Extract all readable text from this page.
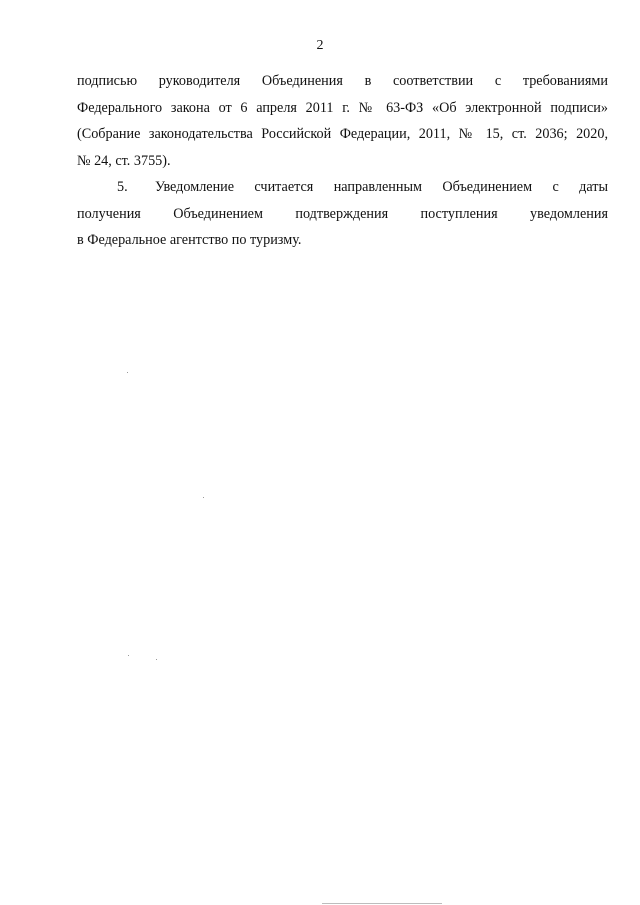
2
подписью руководителя Объединения в соответствии с требованиями
Федерального закона от 6 апреля 2011 г. № 63-ФЗ «Об электронной подписи»
(Собрание законодательства Российской Федерации, 2011, № 15, ст. 2036; 2020,
№ 24, ст. 3755).
5. Уведомление считается направленным Объединением с даты
получения Объединением подтверждения поступления уведомления
в Федеральное агентство по туризму.
